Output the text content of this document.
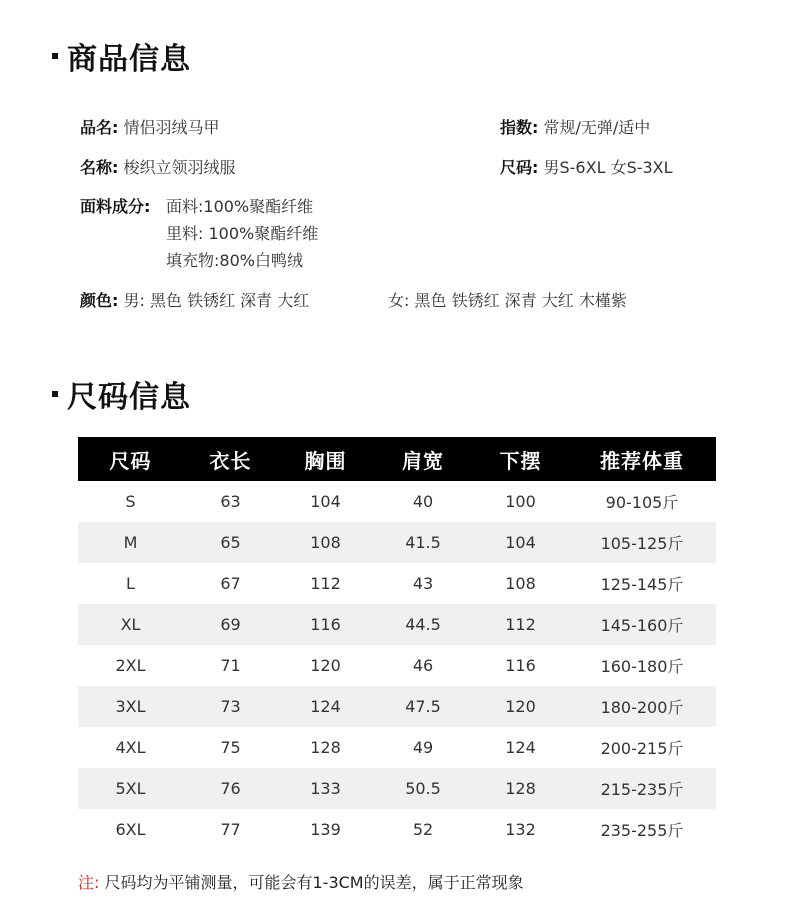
商品信息
品名: 情侣羽绒马甲	指数: 常规/无弹/适中
名称: 梭织立领羽绒服	尺码: 男S-6XL 女S-3XL
面料成分: 面料:100%聚酯纤维
里料: 100%聚酯纤维
填充物:80%白鸭绒
颜色: 男: 黑色 铁锈红 深青 大红	女: 黑色 铁锈红 深青 大红 木槿紫
尺码信息
尺码	衣长	胸围	肩宽	下摆	推荐体重
S	63	104	40	100	90-105斤
M	65	108	41.5	104	105-125斤
L	67	112	43	108	125-145斤
XL	69	116	44.5	112	145-160斤
2XL	71	120	46	116	160-180斤
3XL	73	124	47.5	120	180-200斤
4XL	75	128	49	124	200-215斤
5XL	76	133	50.5	128	215-235斤
6XL	77	139	52	132	235-255斤
注: 尺码均为平铺测量，可能会有1-3CM的误差，属于正常现象
